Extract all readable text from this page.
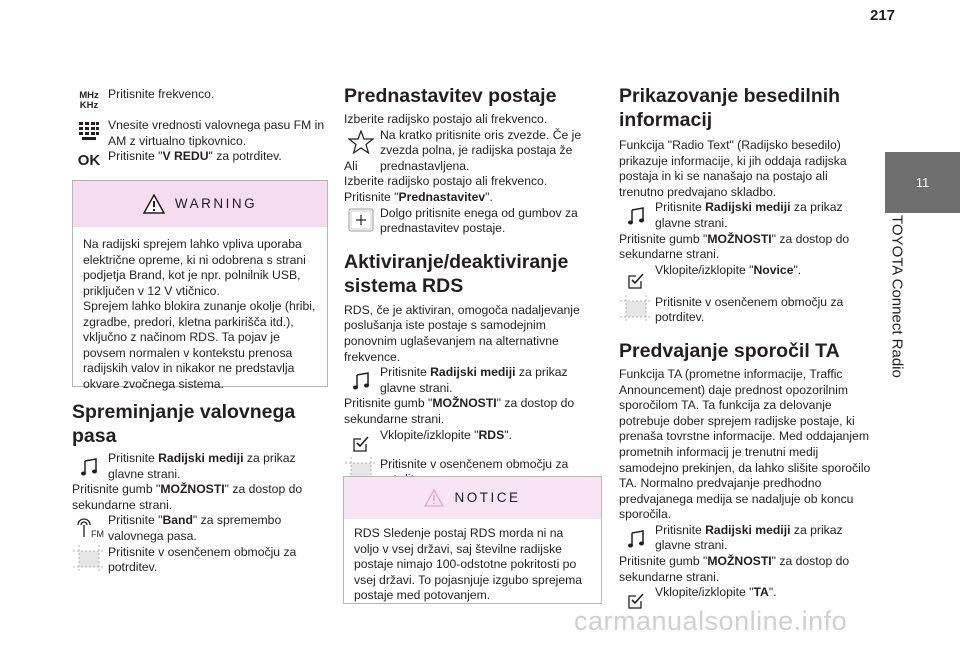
217
11
TOYOTA Connect Radio
MHz KHz

Pritisnite frekvenco.

Vnesite vrednosti valovnega pasu FM in AM z virtualno tipkovnico.

OK Pritisnite "V REDU" za potrditev.

WARNING
Na radijski sprejem lahko vpliva uporaba električne opreme, ki ni odobrena s strani podjetja Brand, kot je npr. polnilnik USB, priključen v 12 V vtičnico.
Sprejem lahko blokira zunanje okolje (hribi, zgradbe, predori, kletna parkirišča itd.), vključno z načinom RDS. Ta pojav je povsem normalen v kontekstu prenosa radijskih valov in nikakor ne predstavlja okvare zvočnega sistema.
Spreminjanje valovnega pasa

Pritisnite Radijski mediji za prikaz glavne strani.

Pritisnite gumb "MOŽNOSTI" za dostop do sekundarne strani.

FM

Pritisnite "Band" za spremembo valovnega pasa.

Pritisnite v osenčenem območju za potrditev.

Prednastavitev postaje

Izberite radijsko postajo ali frekvenco.

Na kratko pritisnite oris zvezde. Če je zvezda polna, je radijska postaja že prednastavljena.

Ali

Izberite radijsko postajo ali frekvenco.

Pritisnite "Prednastavitev".

Dolgo pritisnite enega od gumbov za prednastavitev postaje.

Aktiviranje/deaktiviranje sistema RDS

RDS, če je aktiviran, omogoča nadaljevanje poslušanja iste postaje s samodejnim ponovnim uglaševanjem na alternativne frekvence.

Pritisnite Radijski mediji za prikaz glavne strani.

Pritisnite gumb "MOŽNOSTI" za dostop do sekundarne strani.

Vklopite/izklopite "RDS".

Pritisnite v osenčenem območju za

NOTICE
RDS Sledenje postaj RDS morda ni na voljo v vsej državi, saj številne radijske postaje nimajo 100-odstotne pokritosti po vsej državi. To pojasnjuje izgubo sprejema postaje med potovanjem.
Prikazovanje besedilnih informacij

Funkcija "Radio Text" (Radijsko besedilo) prikazuje informacije, ki jih oddaja radijska postaja in ki se nanašajo na postajo ali trenutno predvajano skladbo.

Pritisnite Radijski mediji za prikaz glavne strani.

Pritisnite gumb "MOŽNOSTI" za dostop do sekundarne strani.

Vklopite/izklopite "Novice".

Pritisnite v osenčenem območju za potrditev.

Predvajanje sporočil TA

Funkcija TA (prometne informacije, Traffic Announcement) daje prednost opozorilnim sporočilom TA. Ta funkcija za delovanje potrebuje dober sprejem radijske postaje, ki prenaša tovrstne informacije. Med oddajanjem prometnih informacij je trenutni medij samodejno prekinjen, da lahko slišite sporočilo TA. Normalno predvajanje predhodno predvajanega medija se nadaljuje ob koncu sporočila.

Pritisnite Radijski mediji za prikaz glavne strani.

Pritisnite gumb "MOŽNOSTI" za dostop do sekundarne strani.

Vklopite/izklopite "TA".

carmanualsonline.info
